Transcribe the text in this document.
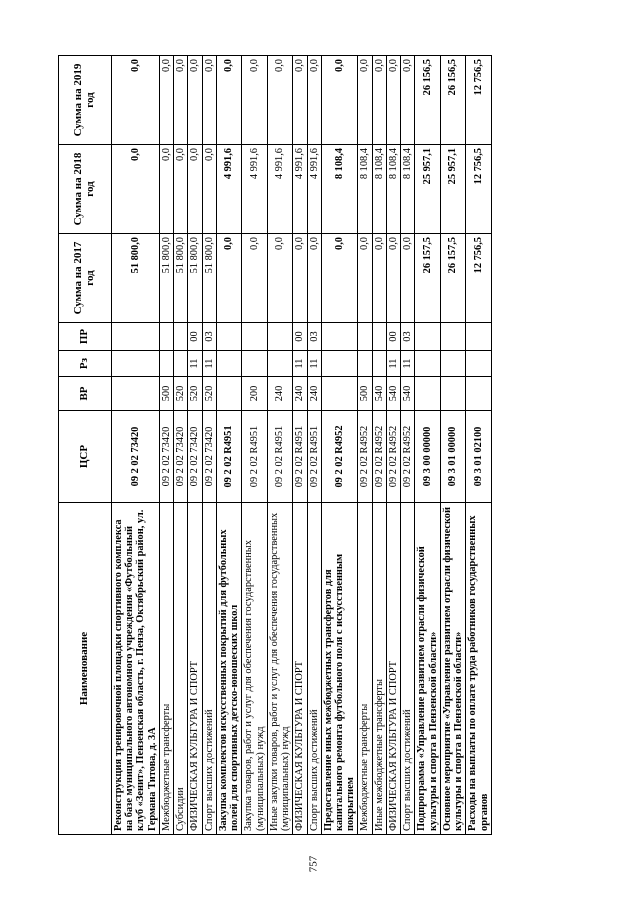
757
Наименование	ЦСР	ВР	Рз	ПР	Сумма на 2017 год	Сумма на 2018 год	Сумма на 2019 год
Реконструкция тренировочной площадки спортивного комплекса на базе муниципального автономного учреждения «Футбольный клуб «Зенит», Пензенская область, г. Пенза, Октябрьский район, ул. Германа Титова, д. 3А	09 2 02 73420				51 800,0	0,0	0,0
Межбюджетные трансферты	09 2 02 73420	500			51 800,0	0,0	0,0
Субсидии	09 2 02 73420	520			51 800,0	0,0	0,0
ФИЗИЧЕСКАЯ КУЛЬТУРА И СПОРТ	09 2 02 73420	520	11	00	51 800,0	0,0	0,0
Спорт высших достижений	09 2 02 73420	520	11	03	51 800,0	0,0	0,0
Закупка комплектов искусственных покрытий для футбольных полей для спортивных детско-юношеских школ	09 2 02 R4951				0,0	4 991,6	0,0
Закупка товаров, работ и услуг для обеспечения государственных (муниципальных) нужд	09 2 02 R4951	200			0,0	4 991,6	0,0
Иные закупки товаров, работ и услуг для обеспечения государственных (муниципальных) нужд	09 2 02 R4951	240			0,0	4 991,6	0,0
ФИЗИЧЕСКАЯ КУЛЬТУРА И СПОРТ	09 2 02 R4951	240	11	00	0,0	4 991,6	0,0
Спорт высших достижений	09 2 02 R4951	240	11	03	0,0	4 991,6	0,0
Предоставление иных межбюджетных трансфертов для капитального ремонта футбольного поля с искусственным покрытием	09 2 02 R4952				0,0	8 108,4	0,0
Межбюджетные трансферты	09 2 02 R4952	500			0,0	8 108,4	0,0
Иные межбюджетные трансферты	09 2 02 R4952	540			0,0	8 108,4	0,0
ФИЗИЧЕСКАЯ КУЛЬТУРА И СПОРТ	09 2 02 R4952	540	11	00	0,0	8 108,4	0,0
Спорт высших достижений	09 2 02 R4952	540	11	03	0,0	8 108,4	0,0
Подпрограмма «Управление развитием отрасли физической культуры и спорта в Пензенской области»	09 3 00 00000				26 157,5	25 957,1	26 156,5
Основное мероприятие «Управление развитием отрасли физической культуры и спорта в Пензенской области»	09 3 01 00000				26 157,5	25 957,1	26 156,5
Расходы на выплаты по оплате труда работников государственных органов	09 3 01 02100				12 756,5	12 756,5	12 756,5
